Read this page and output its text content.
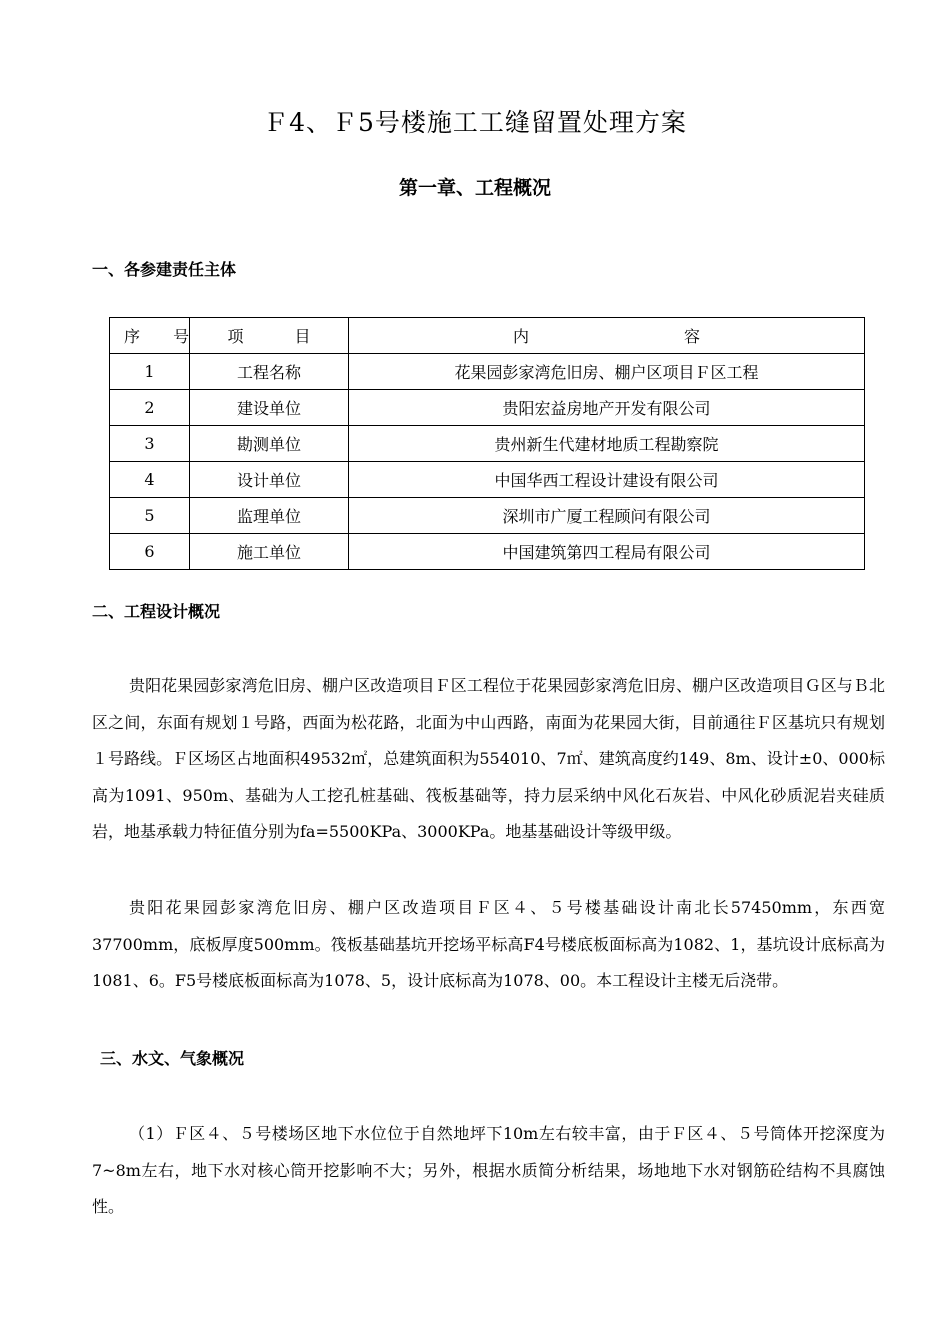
Ｆ4、Ｆ5号楼施工工缝留置处理方案
第一章、工程概况
一、各参建责任主体
序 号	项 目	内 容
1	工程名称	花果园彭家湾危旧房、棚户区项目Ｆ区工程
2	建设单位	贵阳宏益房地产开发有限公司
3	勘测单位	贵州新生代建材地质工程勘察院
4	设计单位	中国华西工程设计建设有限公司
5	监理单位	深圳市广厦工程顾问有限公司
6	施工单位	中国建筑第四工程局有限公司
二、工程设计概况

贵阳花果园彭家湾危旧房、棚户区改造项目Ｆ区工程位于花果园彭家湾危旧房、棚户区改造项目Ｇ区与Ｂ北区之间，东面有规划１号路，西面为松花路，北面为中山西路，南面为花果园大街，目前通往Ｆ区基坑只有规划１号路线。Ｆ区场区占地面积49532㎡，总建筑面积为554010、7㎡、建筑高度约149、8m、设计±0、000标高为1091、950m、基础为人工挖孔桩基础、筏板基础等，持力层采纳中风化石灰岩、中风化砂质泥岩夹硅质岩，地基承载力特征值分别为fa=5500KPa、3000KPa。地基基础设计等级甲级。

贵阳花果园彭家湾危旧房、棚户区改造项目Ｆ区４、５号楼基础设计南北长57450mm，东西宽37700mm，底板厚度500mm。筏板基础基坑开挖场平标高F4号楼底板面标高为1082、1，基坑设计底标高为1081、6。F5号楼底板面标高为1078、5，设计底标高为1078、00。本工程设计主楼无后浇带。

三、水文、气象概况

（1）Ｆ区４、５号楼场区地下水位位于自然地坪下10m左右较丰富，由于Ｆ区４、５号筒体开挖深度为7~8m左右，地下水对核心筒开挖影响不大；另外，根据水质简分析结果，场地地下水对钢筋砼结构不具腐蚀性。
